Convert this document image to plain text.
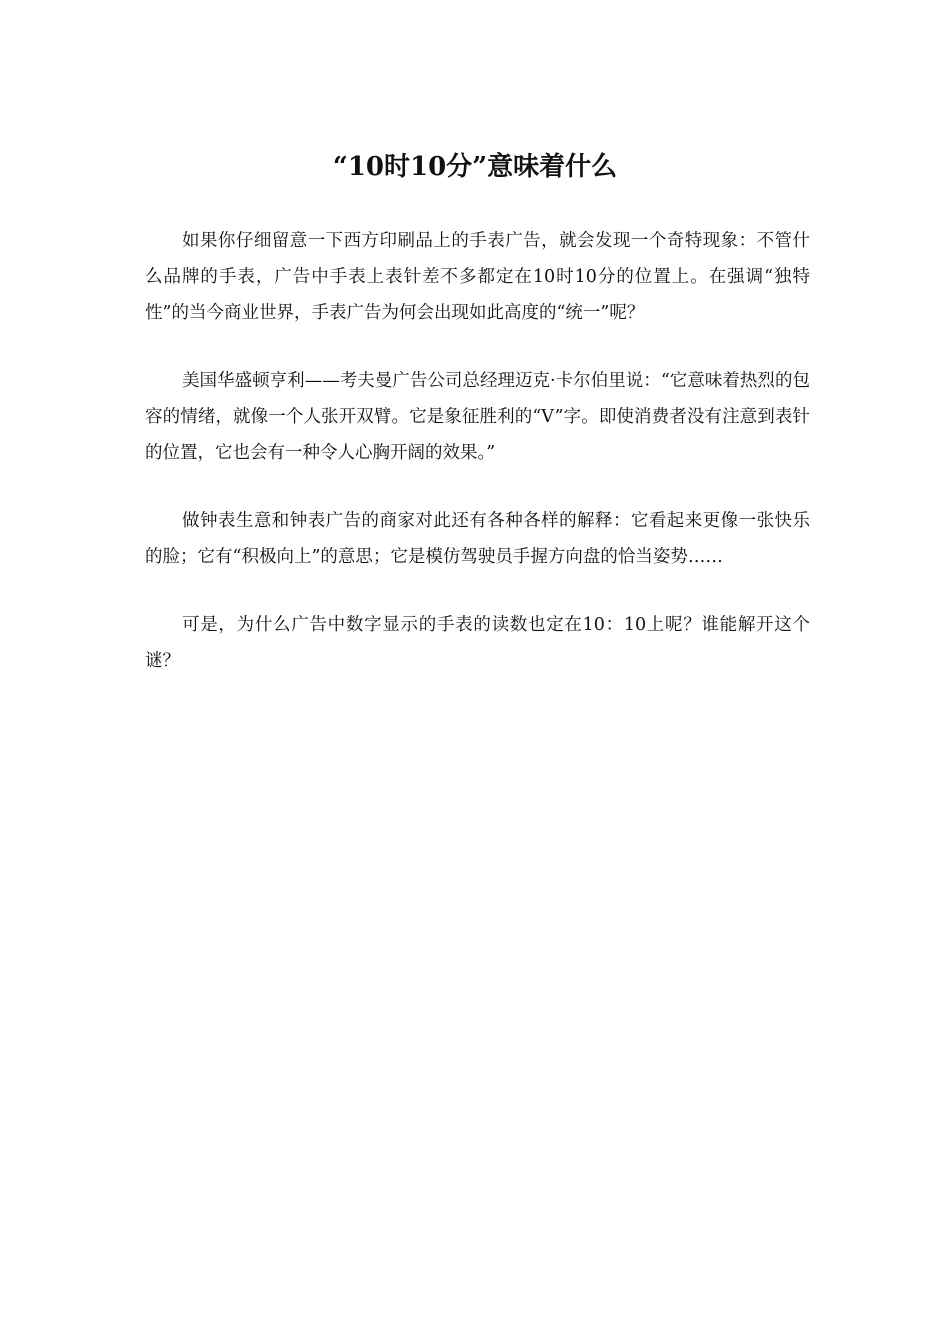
“10时10分”意味着什么

如果你仔细留意一下西方印刷品上的手表广告，就会发现一个奇特现象：不管什么品牌的手表，广告中手表上表针差不多都定在10时10分的位置上。在强调“独特性”的当今商业世界，手表广告为何会出现如此高度的“统一”呢？

美国华盛顿亨利——考夫曼广告公司总经理迈克·卡尔伯里说：“它意味着热烈的包容的情绪，就像一个人张开双臂。它是象征胜利的“V”字。即使消费者没有注意到表针的位置，它也会有一种令人心胸开阔的效果。”

做钟表生意和钟表广告的商家对此还有各种各样的解释：它看起来更像一张快乐的脸；它有“积极向上”的意思；它是模仿驾驶员手握方向盘的恰当姿势……

可是，为什么广告中数字显示的手表的读数也定在10：10上呢？谁能解开这个谜？
